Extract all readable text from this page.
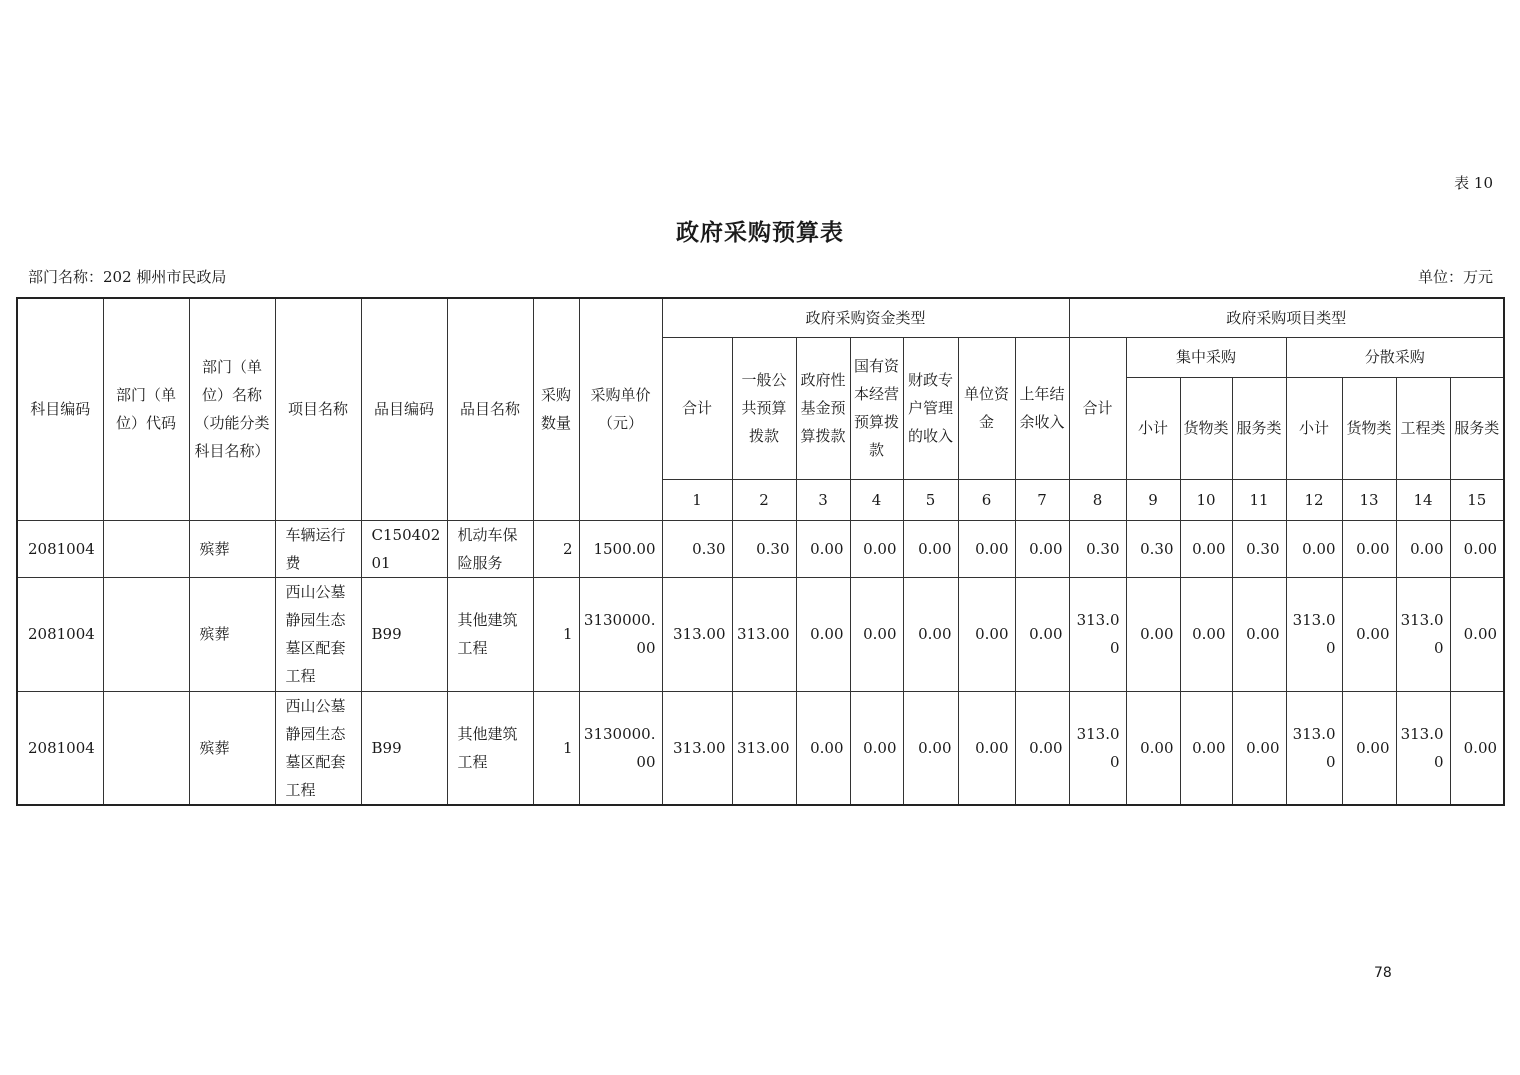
表 10
政府采购预算表
部门名称：202 柳州市民政局	单位：万元
科目编码	部门（单位）代码	部门（单位）名称（功能分类科目名称）	项目名称	品目编码	品目名称	采购数量	采购单价（元）	政府采购资金类型							政府采购项目类型							
								合计	一般公共预算拨款	政府性基金预算拨款	国有资本经营预算拨款	财政专户管理的收入	单位资金	上年结余收入	合计	集中采购			分散采购			
																小计	货物类	服务类	小计	货物类	工程类	服务类
								1	2	3	4	5	6	7	8	9	10	11	12	13	14	15
2081004		殡葬	车辆运行费	C15040201	机动车保险服务	2	1500.00	0.30	0.30	0.00	0.00	0.00	0.00	0.00	0.30	0.30	0.00	0.30	0.00	0.00	0.00	0.00
2081004		殡葬	西山公墓静园生态墓区配套工程	B99	其他建筑工程	1	3130000.00	313.00	313.00	0.00	0.00	0.00	0.00	0.00	313.00	0.00	0.00	0.00	313.00	0.00	313.00	0.00
2081004		殡葬	西山公墓静园生态墓区配套工程	B99	其他建筑工程	1	3130000.00	313.00	313.00	0.00	0.00	0.00	0.00	0.00	313.00	0.00	0.00	0.00	313.00	0.00	313.00	0.00
78
